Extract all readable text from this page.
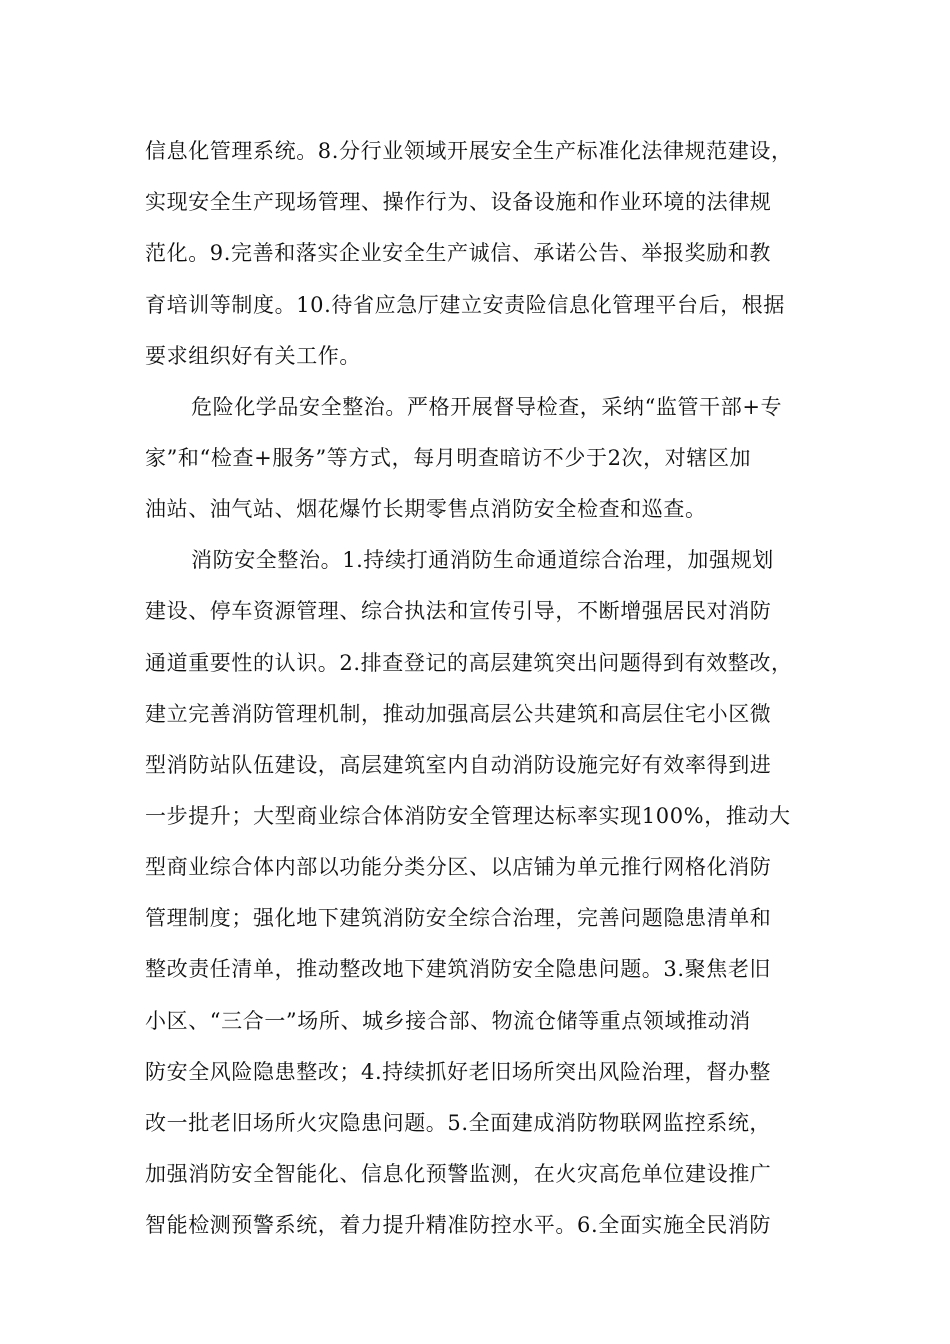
信息化管理系统。8.分行业领域开展安全生产标准化法律规范建设，
实现安全生产现场管理、操作行为、设备设施和作业环境的法律规
范化。9.完善和落实企业安全生产诚信、承诺公告、举报奖励和教
育培训等制度。10.待省应急厅建立安责险信息化管理平台后，根据
要求组织好有关工作。
危险化学品安全整治。严格开展督导检查，采纳“监管干部+专
家”和“检查+服务”等方式，每月明查暗访不少于2次，对辖区加
油站、油气站、烟花爆竹长期零售点消防安全检查和巡查。
消防安全整治。1.持续打通消防生命通道综合治理，加强规划
建设、停车资源管理、综合执法和宣传引导，不断增强居民对消防
通道重要性的认识。2.排查登记的高层建筑突出问题得到有效整改，
建立完善消防管理机制，推动加强高层公共建筑和高层住宅小区微
型消防站队伍建设，高层建筑室内自动消防设施完好有效率得到进
一步提升；大型商业综合体消防安全管理达标率实现100%，推动大
型商业综合体内部以功能分类分区、以店铺为单元推行网格化消防
管理制度；强化地下建筑消防安全综合治理，完善问题隐患清单和
整改责任清单，推动整改地下建筑消防安全隐患问题。3.聚焦老旧
小区、“三合一”场所、城乡接合部、物流仓储等重点领域推动消
防安全风险隐患整改；4.持续抓好老旧场所突出风险治理，督办整
改一批老旧场所火灾隐患问题。5.全面建成消防物联网监控系统，
加强消防安全智能化、信息化预警监测，在火灾高危单位建设推广
智能检测预警系统，着力提升精准防控水平。6.全面实施全民消防
